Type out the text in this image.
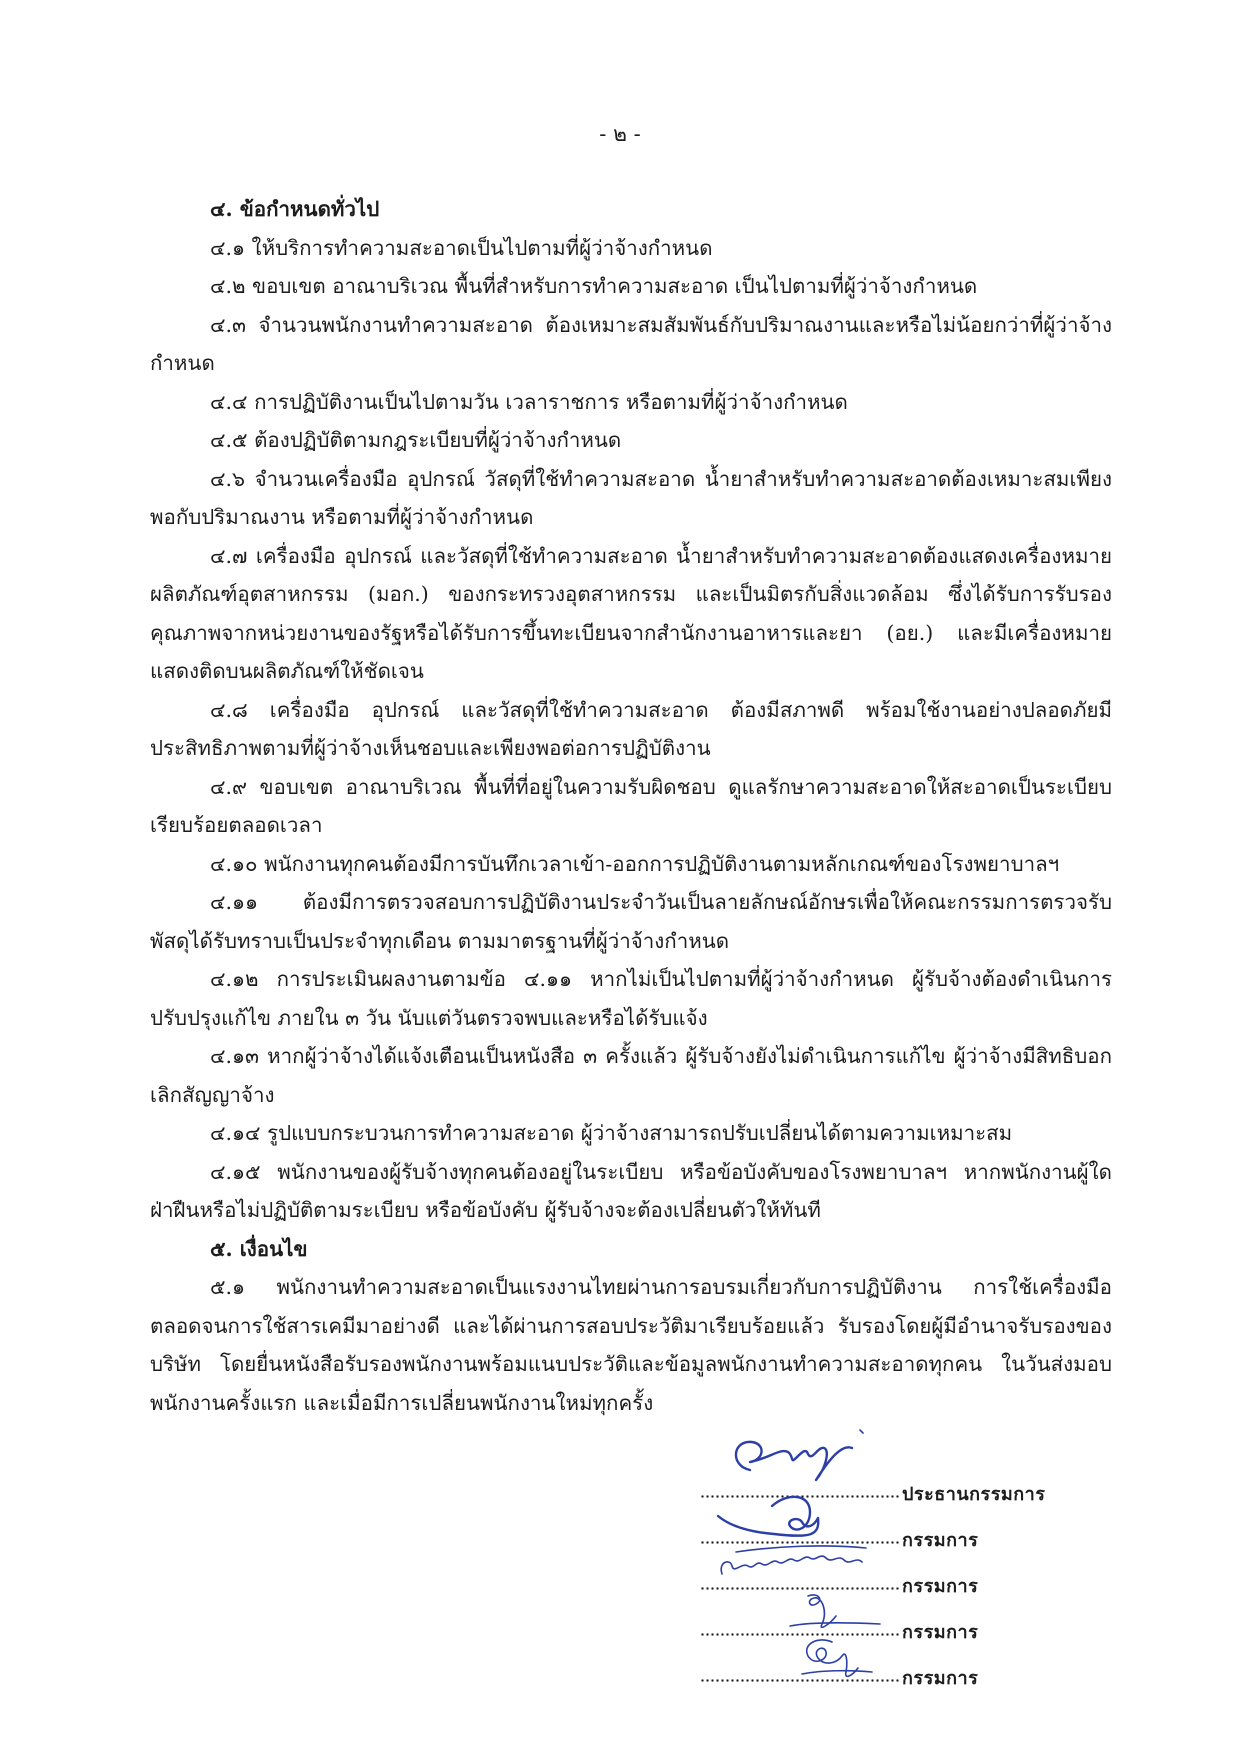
- ๒ -

๔. ข้อกำหนดทั่วไป

๔.๑ ให้บริการทำความสะอาดเป็นไปตามที่ผู้ว่าจ้างกำหนด

๔.๒ ขอบเขต อาณาบริเวณ พื้นที่สำหรับการทำความสะอาด เป็นไปตามที่ผู้ว่าจ้างกำหนด

๔.๓ จำนวนพนักงานทำความสะอาด ต้องเหมาะสมสัมพันธ์กับปริมาณงานและหรือไม่น้อยกว่าที่ผู้ว่าจ้างกำหนด

๔.๔ การปฏิบัติงานเป็นไปตามวัน เวลาราชการ หรือตามที่ผู้ว่าจ้างกำหนด

๔.๕ ต้องปฏิบัติตามกฎระเบียบที่ผู้ว่าจ้างกำหนด

๔.๖ จำนวนเครื่องมือ อุปกรณ์ วัสดุที่ใช้ทำความสะอาด น้ำยาสำหรับทำความสะอาดต้องเหมาะสมเพียงพอกับปริมาณงาน หรือตามที่ผู้ว่าจ้างกำหนด

๔.๗ เครื่องมือ อุปกรณ์ และวัสดุที่ใช้ทำความสะอาด น้ำยาสำหรับทำความสะอาดต้องแสดงเครื่องหมายผลิตภัณฑ์อุตสาหกรรม (มอก.) ของกระทรวงอุตสาหกรรม และเป็นมิตรกับสิ่งแวดล้อม ซึ่งได้รับการรับรองคุณภาพจากหน่วยงานของรัฐหรือได้รับการขึ้นทะเบียนจากสำนักงานอาหารและยา (อย.) และมีเครื่องหมายแสดงติดบนผลิตภัณฑ์ให้ชัดเจน

๔.๘ เครื่องมือ อุปกรณ์ และวัสดุที่ใช้ทำความสะอาด ต้องมีสภาพดี พร้อมใช้งานอย่างปลอดภัยมีประสิทธิภาพตามที่ผู้ว่าจ้างเห็นชอบและเพียงพอต่อการปฏิบัติงาน

๔.๙ ขอบเขต อาณาบริเวณ พื้นที่ที่อยู่ในความรับผิดชอบ ดูแลรักษาความสะอาดให้สะอาดเป็นระเบียบเรียบร้อยตลอดเวลา

๔.๑๐ พนักงานทุกคนต้องมีการบันทึกเวลาเข้า-ออกการปฏิบัติงานตามหลักเกณฑ์ของโรงพยาบาลฯ

๔.๑๑ ต้องมีการตรวจสอบการปฏิบัติงานประจำวันเป็นลายลักษณ์อักษรเพื่อให้คณะกรรมการตรวจรับพัสดุได้รับทราบเป็นประจำทุกเดือน ตามมาตรฐานที่ผู้ว่าจ้างกำหนด

๔.๑๒ การประเมินผลงานตามข้อ ๔.๑๑ หากไม่เป็นไปตามที่ผู้ว่าจ้างกำหนด ผู้รับจ้างต้องดำเนินการปรับปรุงแก้ไข ภายใน ๓ วัน นับแต่วันตรวจพบและหรือได้รับแจ้ง

๔.๑๓ หากผู้ว่าจ้างได้แจ้งเตือนเป็นหนังสือ ๓ ครั้งแล้ว ผู้รับจ้างยังไม่ดำเนินการแก้ไข ผู้ว่าจ้างมีสิทธิบอกเลิกสัญญาจ้าง

๔.๑๔ รูปแบบกระบวนการทำความสะอาด ผู้ว่าจ้างสามารถปรับเปลี่ยนได้ตามความเหมาะสม

๔.๑๕ พนักงานของผู้รับจ้างทุกคนต้องอยู่ในระเบียบ หรือข้อบังคับของโรงพยาบาลฯ หากพนักงานผู้ใดฝ่าฝืนหรือไม่ปฏิบัติตามระเบียบ หรือข้อบังคับ ผู้รับจ้างจะต้องเปลี่ยนตัวให้ทันที

๕. เงื่อนไข

๕.๑ พนักงานทำความสะอาดเป็นแรงงานไทยผ่านการอบรมเกี่ยวกับการปฏิบัติงาน การใช้เครื่องมือตลอดจนการใช้สารเคมีมาอย่างดี และได้ผ่านการสอบประวัติมาเรียบร้อยแล้ว รับรองโดยผู้มีอำนาจรับรองของบริษัท โดยยื่นหนังสือรับรองพนักงานพร้อมแนบประวัติและข้อมูลพนักงานทำความสะอาดทุกคน ในวันส่งมอบพนักงานครั้งแรก และเมื่อมีการเปลี่ยนพนักงานใหม่ทุกครั้ง

ประธานกรรมการ
กรรมการ
กรรมการ
กรรมการ
กรรมการ
